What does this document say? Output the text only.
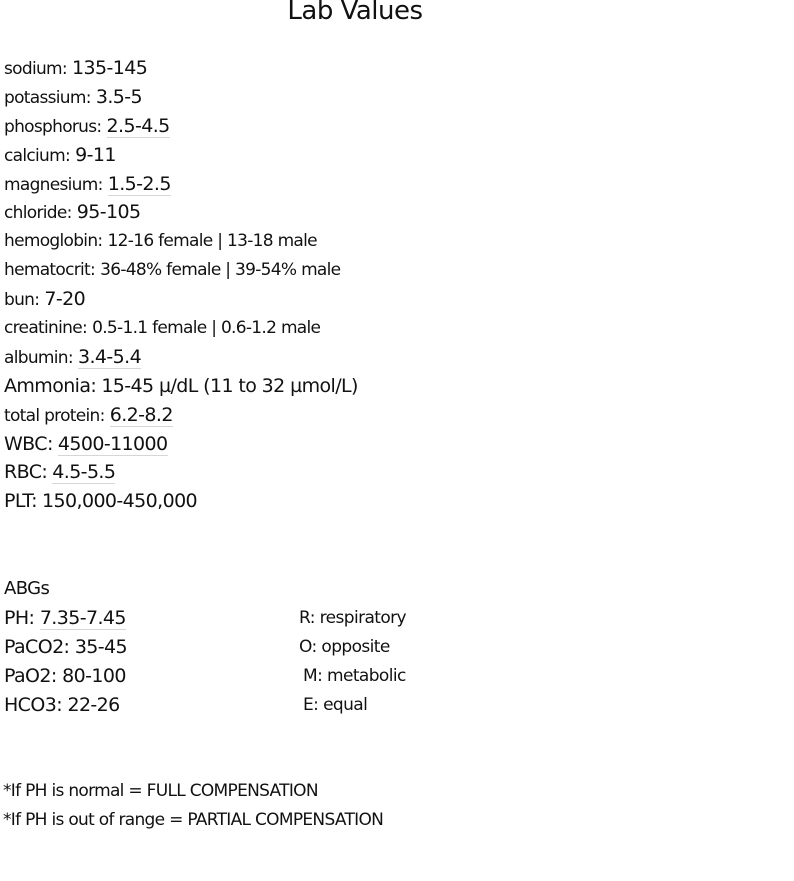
Lab Values
sodium: 135-145
potassium: 3.5-5
phosphorus: 2.5-4.5
calcium: 9-11
magnesium: 1.5-2.5
chloride: 95-105
hemoglobin: 12-16 female | 13-18 male
hematocrit: 36-48% female | 39-54% male
bun: 7-20
creatinine: 0.5-1.1 female | 0.6-1.2 male
albumin: 3.4-5.4
Ammonia: 15-45 µ/dL (11 to 32 µmol/L)
total protein: 6.2-8.2
WBC: 4500-11000
RBC: 4.5-5.5
PLT: 150,000-450,000
ABGs
PH: 7.35-7.45
PaCO2: 35-45
PaO2: 80-100
HCO3: 22-26
R: respiratory
O: opposite
M: metabolic
E: equal
*If PH is normal = FULL COMPENSATION
*If PH is out of range = PARTIAL COMPENSATION
